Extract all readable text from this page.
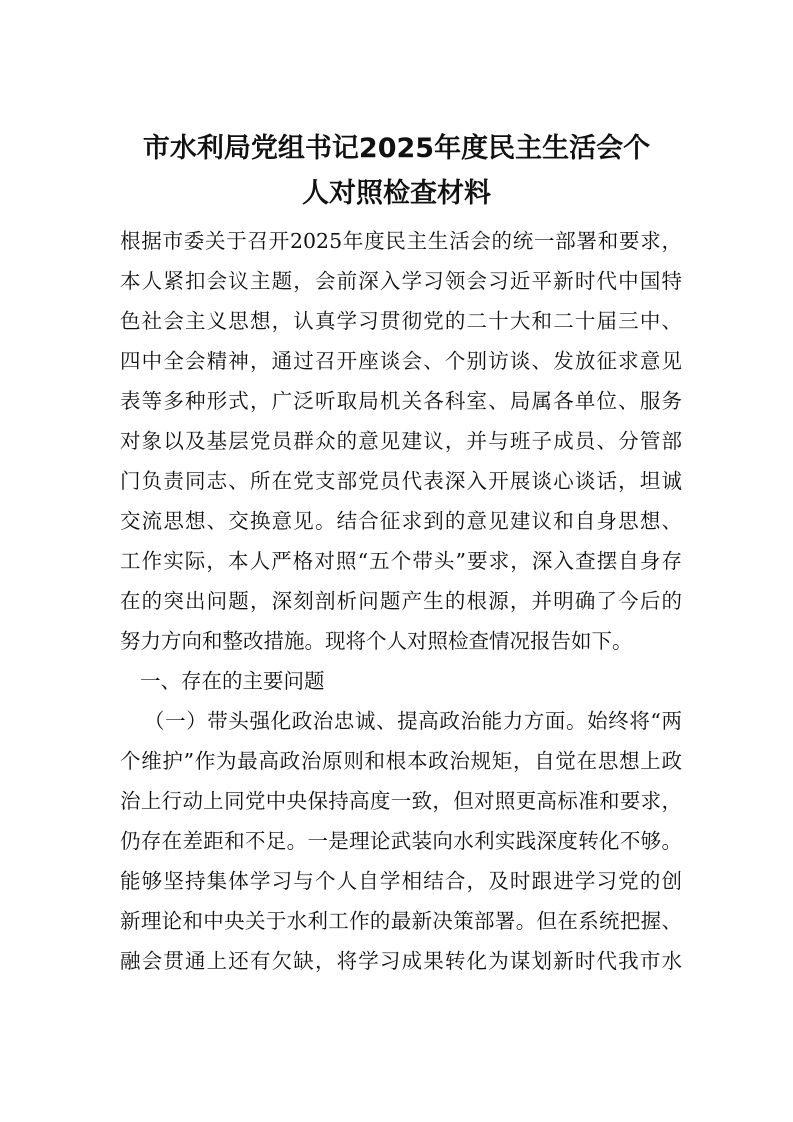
市水利局党组书记2025年度民主生活会个
人对照检查材料
根据市委关于召开2025年度民主生活会的统一部署和要求，
本人紧扣会议主题，会前深入学习领会习近平新时代中国特
色社会主义思想，认真学习贯彻党的二十大和二十届三中、
四中全会精神，通过召开座谈会、个别访谈、发放征求意见
表等多种形式，广泛听取局机关各科室、局属各单位、服务
对象以及基层党员群众的意见建议，并与班子成员、分管部
门负责同志、所在党支部党员代表深入开展谈心谈话，坦诚
交流思想、交换意见。结合征求到的意见建议和自身思想、
工作实际，本人严格对照“五个带头”要求，深入查摆自身存
在的突出问题，深刻剖析问题产生的根源，并明确了今后的
努力方向和整改措施。现将个人对照检查情况报告如下。
一、存在的主要问题
（一）带头强化政治忠诚、提高政治能力方面。始终将“两
个维护”作为最高政治原则和根本政治规矩，自觉在思想上政
治上行动上同党中央保持高度一致，但对照更高标准和要求，
仍存在差距和不足。一是理论武装向水利实践深度转化不够。
能够坚持集体学习与个人自学相结合，及时跟进学习党的创
新理论和中央关于水利工作的最新决策部署。但在系统把握、
融会贯通上还有欠缺，将学习成果转化为谋划新时代我市水
